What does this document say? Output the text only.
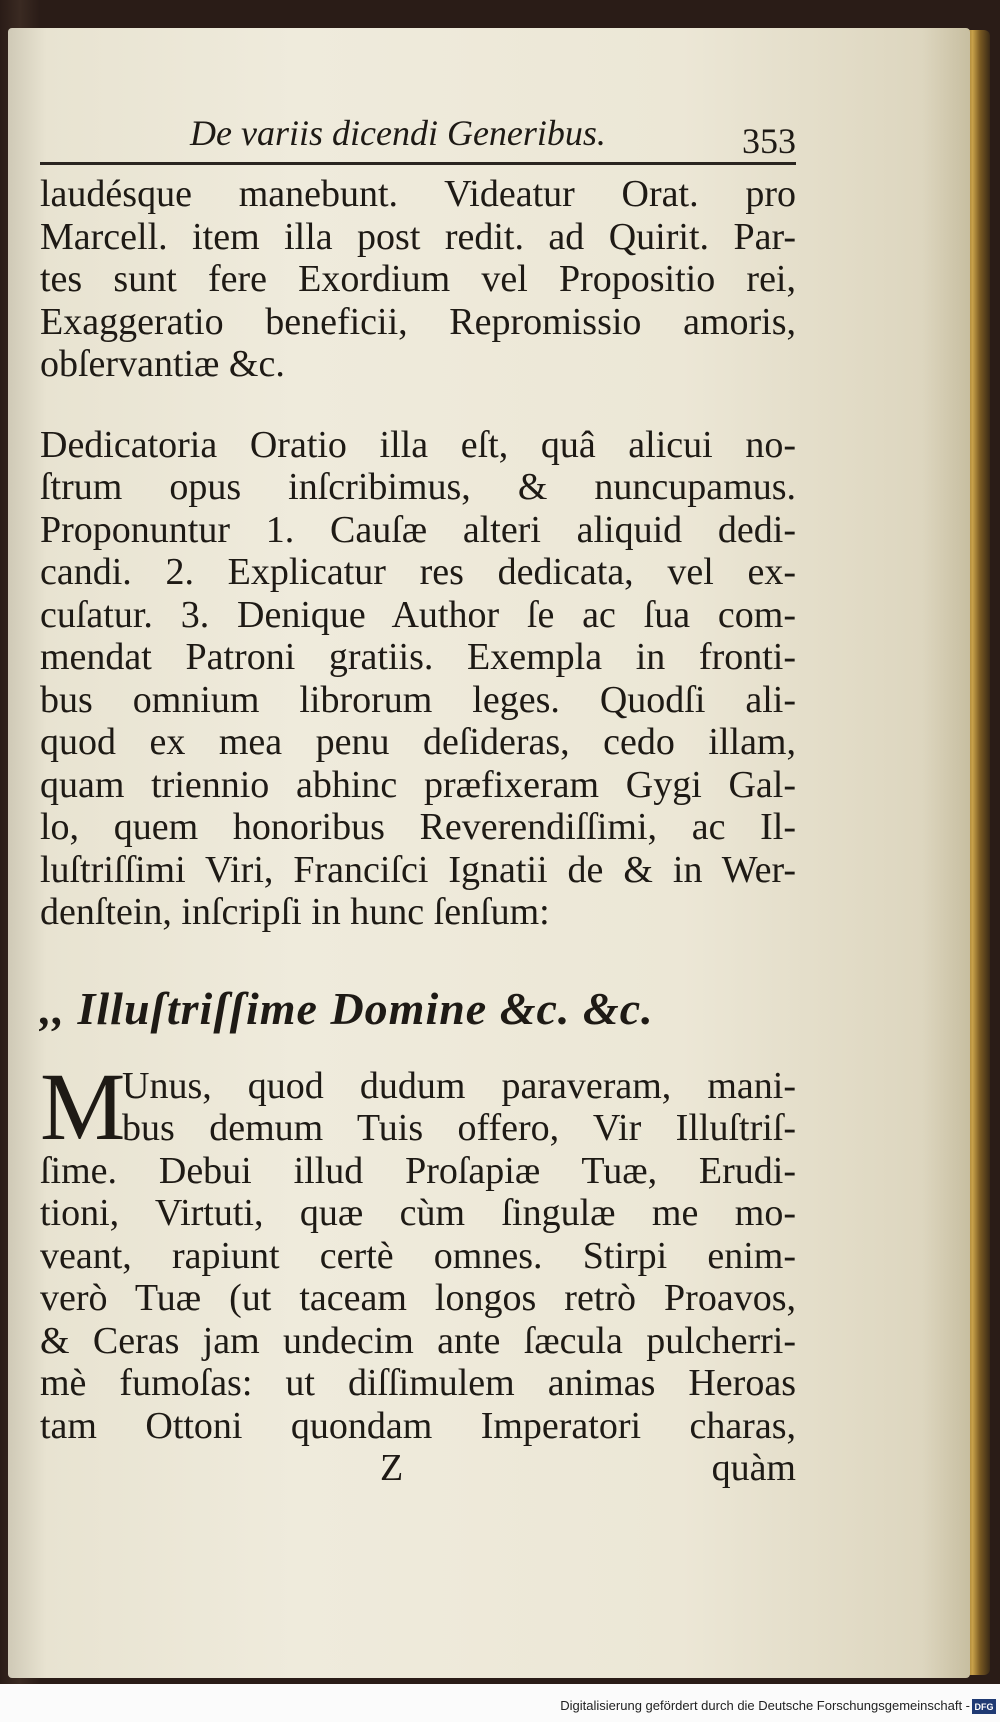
De variis dicendi Generibus.	353
laudésque manebunt. Videatur Orat. pro
Marcell. item illa post redit. ad Quirit. Par-
tes sunt fere Exordium vel Propositio rei,
Exaggeratio beneficii, Repromissio amoris,
obſervantiæ &c.
Dedicatoria Oratio illa eſt, quâ alicui no-
ſtrum opus inſcribimus, & nuncupamus.
Proponuntur 1. Cauſæ alteri aliquid dedi-
candi. 2. Explicatur res dedicata, vel ex-
cuſatur. 3. Denique Author ſe ac ſua com-
mendat Patroni gratiis. Exempla in fronti-
bus omnium librorum leges. Quodſi ali-
quod ex mea penu deſideras, cedo illam,
quam triennio abhinc præfixeram Gygi Gal-
lo, quem honoribus Reverendiſſimi, ac Il-
luſtriſſimi Viri, Franciſci Ignatii de & in Wer-
denſtein, inſcripſi in hunc ſenſum:
,, Illuſtriſſime Domine &c. &c.
M
Unus, quod dudum paraveram, mani-
bus demum Tuis offero, Vir Illuſtriſ-
ſime. Debui illud Proſapiæ Tuæ, Erudi-
tioni, Virtuti, quæ cùm ſingulæ me mo-
veant, rapiunt certè omnes. Stirpi enim-
verò Tuæ (ut taceam longos retrò Proavos,
& Ceras jam undecim ante ſæcula pulcherri-
mè fumoſas: ut diſſimulem animas Heroas
tam Ottoni quondam Imperatori charas,
Z	quàm
Digitalisierung gefördert durch die Deutsche Forschungsgemeinschaft - DFG
